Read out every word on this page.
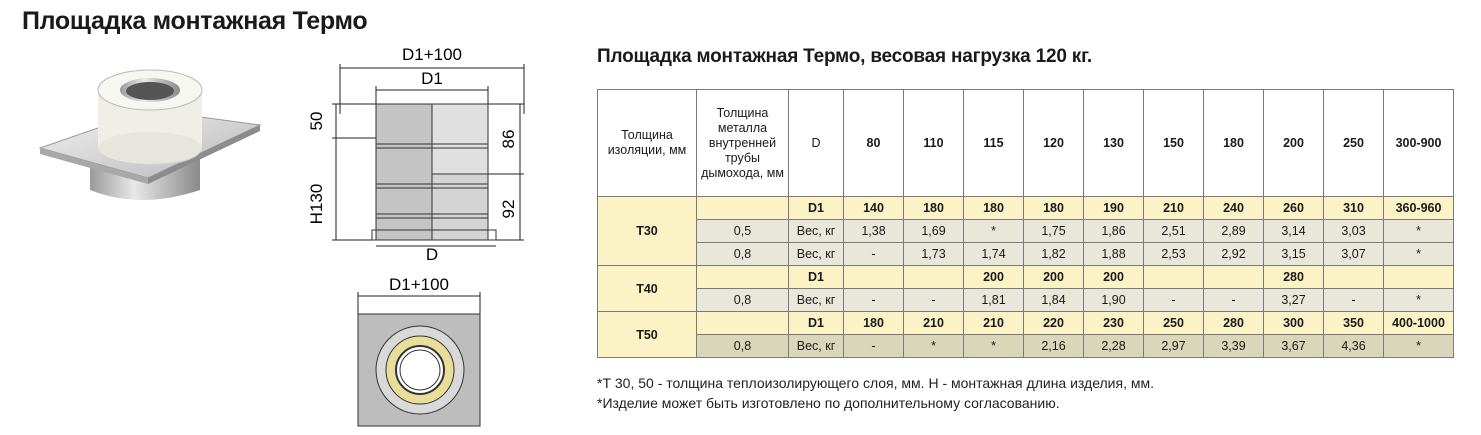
Площадка монтажная Термо
D1+100
D1
D
50
H130
86
92
D1+100
Площадка монтажная Термо, весовая нагрузка 120 кг.
Толщина изоляции, мм	Толщина металла внутренней трубы дымохода, мм	D	80	110	115	120	130	150	180	200	250	300-900
Т30		D1	140	180	180	180	190	210	240	260	310	360-960
	0,5	Вес, кг	1,38	1,69	*	1,75	1,86	2,51	2,89	3,14	3,03	*
	0,8	Вес, кг	-	1,73	1,74	1,82	1,88	2,53	2,92	3,15	3,07	*
Т40		D1			200	200	200			280		
	0,8	Вес, кг	-	-	1,81	1,84	1,90	-	-	3,27	-	*
Т50		D1	180	210	210	220	230	250	280	300	350	400-1000
	0,8	Вес, кг	-	*	*	2,16	2,28	2,97	3,39	3,67	4,36	*
*Т 30, 50 - толщина теплоизолирующего слоя, мм. Н - монтажная длина изделия, мм.
*Изделие может быть изготовлено по дополнительному согласованию.
